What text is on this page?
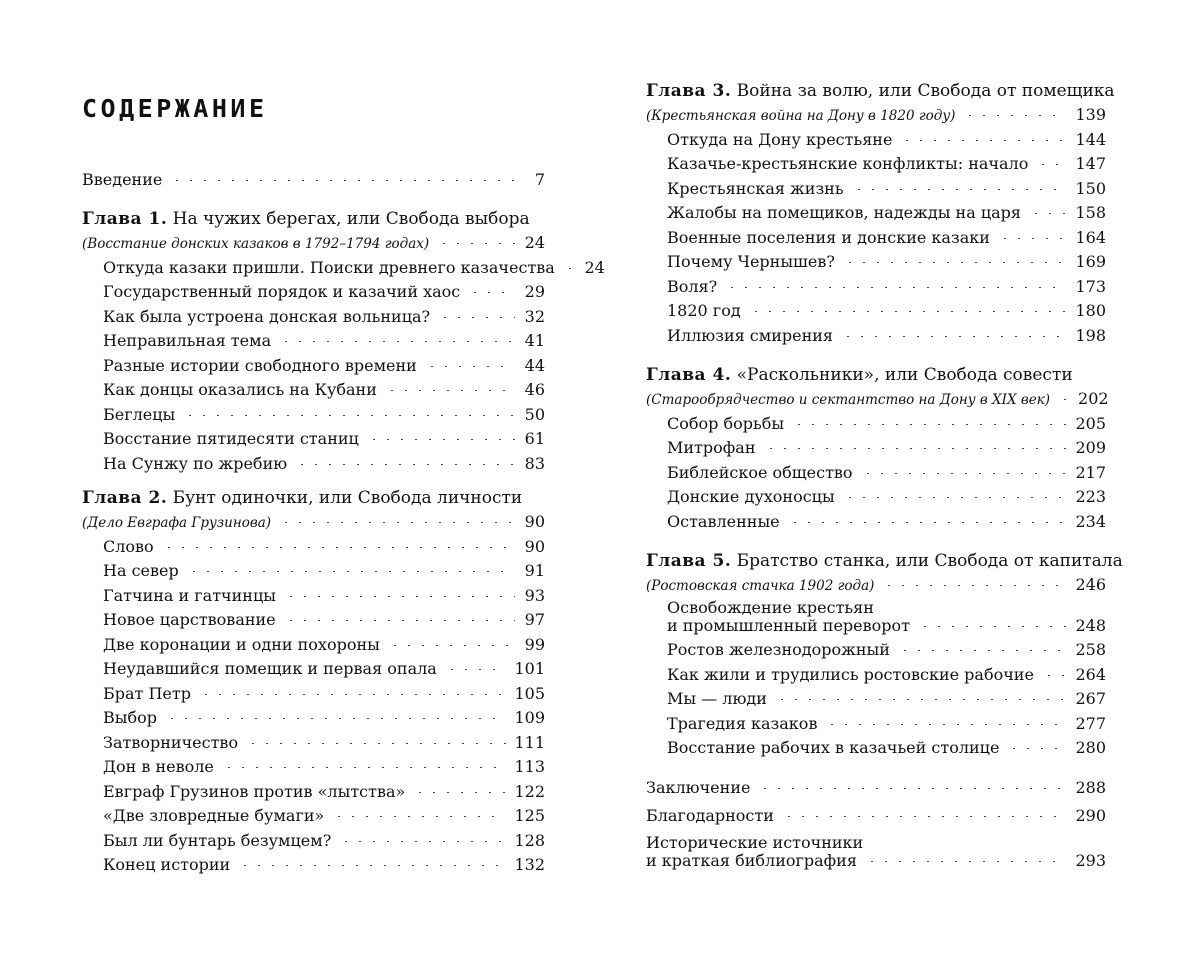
СОДЕРЖАНИЕ
Введение	7
Глава 1. На чужих берегах, или Свобода выбора
(Восстание донских казаков в 1792–1794 годах)	24
Откуда казаки пришли. Поиски древнего казачества 24
Государственный порядок и казачий хаос	29
Как была устроена донская вольница?	32
Неправильная тема	41
Разные истории свободного времени	44
Как донцы оказались на Кубани	46
Беглецы	50
Восстание пятидесяти станиц	61
На Сунжу по жребию	83
Глава 2. Бунт одиночки, или Свобода личности
(Дело Евграфа Грузинова)	90
Слово	90
На север	91
Гатчина и гатчинцы	93
Новое царствование	97
Две коронации и одни похороны	99
Неудавшийся помещик и первая опала	101
Брат Петр	105
Выбор	109
Затворничество	111
Дон в неволе	113
Евграф Грузинов против «лытства»	122
«Две зловредные бумаги»	125
Был ли бунтарь безумцем?	128
Конец истории	132
Глава 3. Война за волю, или Свобода от помещика
(Крестьянская война на Дону в 1820 году)	139
Откуда на Дону крестьяне	144
Казачье-крестьянские конфликты: начало	147
Крестьянская жизнь	150
Жалобы на помещиков, надежды на царя	158
Военные поселения и донские казаки	164
Почему Чернышев?	169
Воля?	173
1820 год	180
Иллюзия смирения	198
Глава 4. «Раскольники», или Свобода совести
(Старообрядчество и сектантство на Дону в XIX век) 202
Собор борьбы	205
Митрофан	209
Библейское общество	217
Донские духоносцы	223
Оставленные	234
Глава 5. Братство станка, или Свобода от капитала
(Ростовская стачка 1902 года)	246
Освобождение крестьян
и промышленный переворот	248
Ростов железнодорожный	258
Как жили и трудились ростовские рабочие	264
Мы — люди	267
Трагедия казаков	277
Восстание рабочих в казачьей столице	280
Заключение	288
Благодарности	290
Исторические источники
и краткая библиография	293
